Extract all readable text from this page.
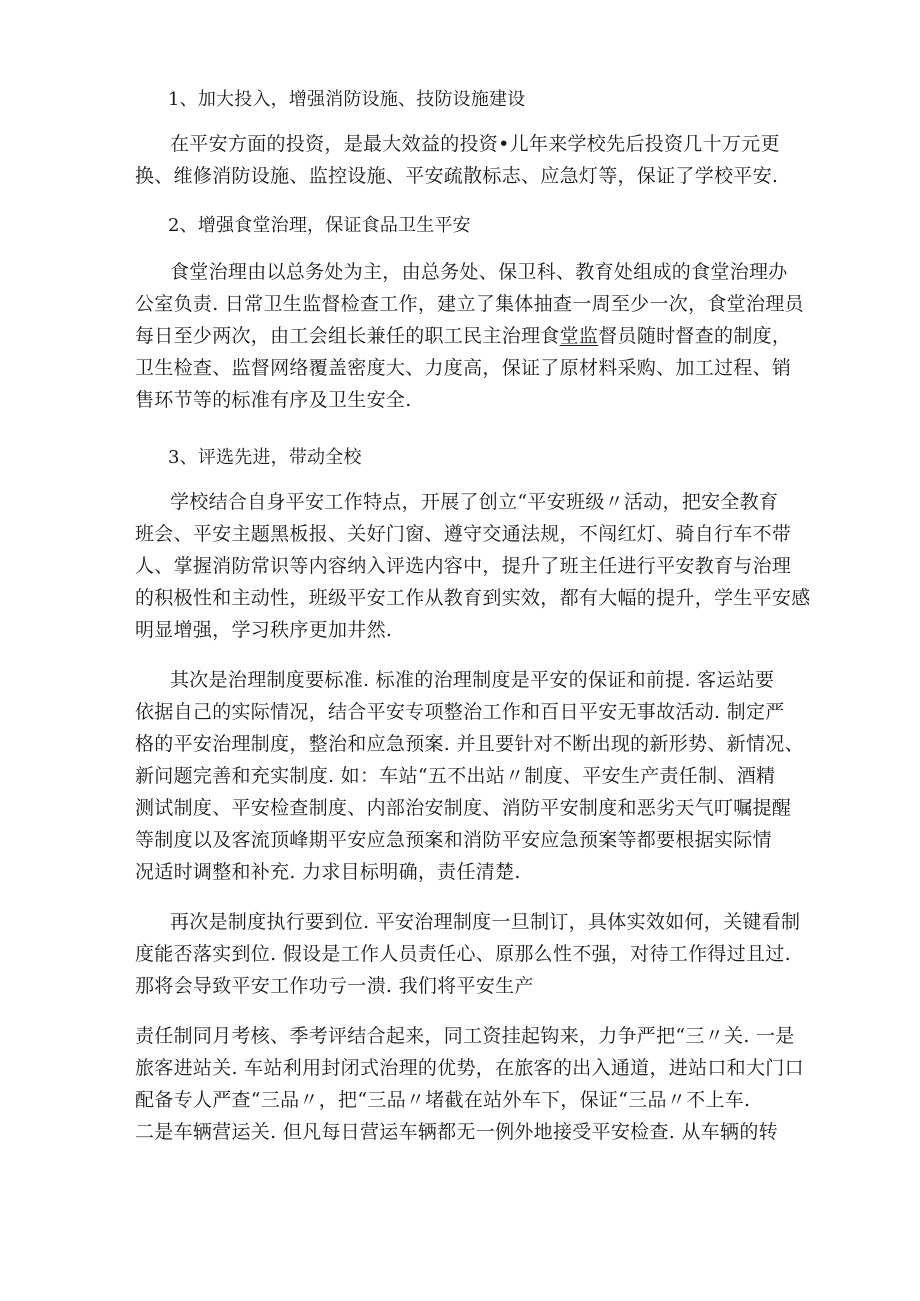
1、加大投入，增强消防设施、技防设施建设
在平安方面的投资，是最大效益的投资•儿年来学校先后投资几十万元更
换、维修消防设施、监控设施、平安疏散标志、应急灯等，保证了学校平安.
2、增强食堂治理，保证食品卫生平安
食堂治理由以总务处为主，由总务处、保卫科、教育处组成的食堂治理办
公室负责. 日常卫生监督检查工作，建立了集体抽查一周至少一次，食堂治理员
每日至少两次，由工会组长兼任的职工民主治理食堂监督员随时督查的制度，
卫生检查、监督网络覆盖密度大、力度高，保证了原材料采购、加工过程、销
售环节等的标准有序及卫生安全.
3、评选先进，带动全校
学校结合自身平安工作特点，开展了创立“平安班级〃活动，把安全教育
班会、平安主题黑板报、关好门窗、遵守交通法规，不闯红灯、骑自行车不带
人、掌握消防常识等内容纳入评选内容中，提升了班主任进行平安教育与治理
的积极性和主动性，班级平安工作从教育到实效，都有大幅的提升，学生平安感
明显增强，学习秩序更加井然.
其次是治理制度要标准. 标准的治理制度是平安的保证和前提. 客运站要
依据自己的实际情况，结合平安专项整治工作和百日平安无事故活动. 制定严
格的平安治理制度，整治和应急预案. 并且要针对不断出现的新形势、新情况、
新问题完善和充实制度. 如：车站“五不出站〃制度、平安生产责任制、酒精
测试制度、平安检查制度、内部治安制度、消防平安制度和恶劣天气叮嘱提醒
等制度以及客流顶峰期平安应急预案和消防平安应急预案等都要根据实际情
况适时调整和补充. 力求目标明确，责任清楚.
再次是制度执行要到位. 平安治理制度一旦制订，具体实效如何，关键看制
度能否落实到位. 假设是工作人员责任心、原那么性不强，对待工作得过且过.
那将会导致平安工作功亏一溃. 我们将平安生产
责任制同月考核、季考评结合起来，同工资挂起钩来，力争严把“三〃关. 一是
旅客进站关. 车站利用封闭式治理的优势，在旅客的出入通道，进站口和大门口
配备专人严查“三品〃，把“三品〃堵截在站外车下，保证“三品〃不上车.
二是车辆营运关. 但凡每日营运车辆都无一例外地接受平安检查. 从车辆的转
